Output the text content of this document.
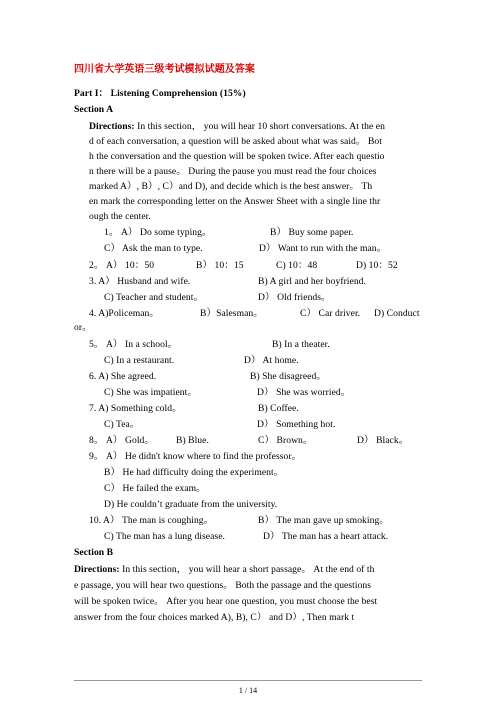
四川省大学英语三级考试模拟试题及答案
Part I： Listening Comprehension (15%)
Section A
Directions: In this section， you will hear 10 short conversations. At the en
d of each conversation, a question will be asked about what was said。 Bot
h the conversation and the question will be spoken twice. After each questio
n there will be a pause。 During the pause you must read the four choices
marked A）, B）, C）and D), and decide which is the best answer。 Th
en mark the corresponding letter on the Answer Sheet with a single line thr
ough the center.
1。 A） Do some typing。	B） Buy some paper.
C） Ask the man to type.	D） Want to run with the man。
2。 A） 10：50	B） 10：15	C) 10：48	D) 10：52
3. A） Husband and wife.	B) A girl and her boyfriend.
C) Teacher and student。	D） Old friends。
4. A)Policeman。	B）Salesman。	C） Car driver. D) Conduct
or。
5。 A） In a school。	B) In a theater.
C) In a restaurant.	D） At home.
6. A) She agreed.	B) She disagreed。
C) She was impatient。	D） She was worried。
7. A) Something cold。	B) Coffee.
C) Tea。	D） Something hot.
8。 A） Gold。 B) Blue.	C） Brown。	D） Black。
9。 A） He didn't know where to find the professor。
B） He had difficulty doing the experiment。
C） He failed the exam。
D) He couldn’t graduate from the university.
10. A） The man is coughing。	B） The man gave up smoking。
C) The man has a lung disease.	D） The man has a heart attack.
Section B
Directions: In this section， you will hear a short passage。 At the end of th
e passage, you will hear two questions。 Both the passage and the questions
will be spoken twice。 After you hear one question, you must choose the best
answer from the four choices marked A), B), C） and D）, Then mark t
1 / 14
